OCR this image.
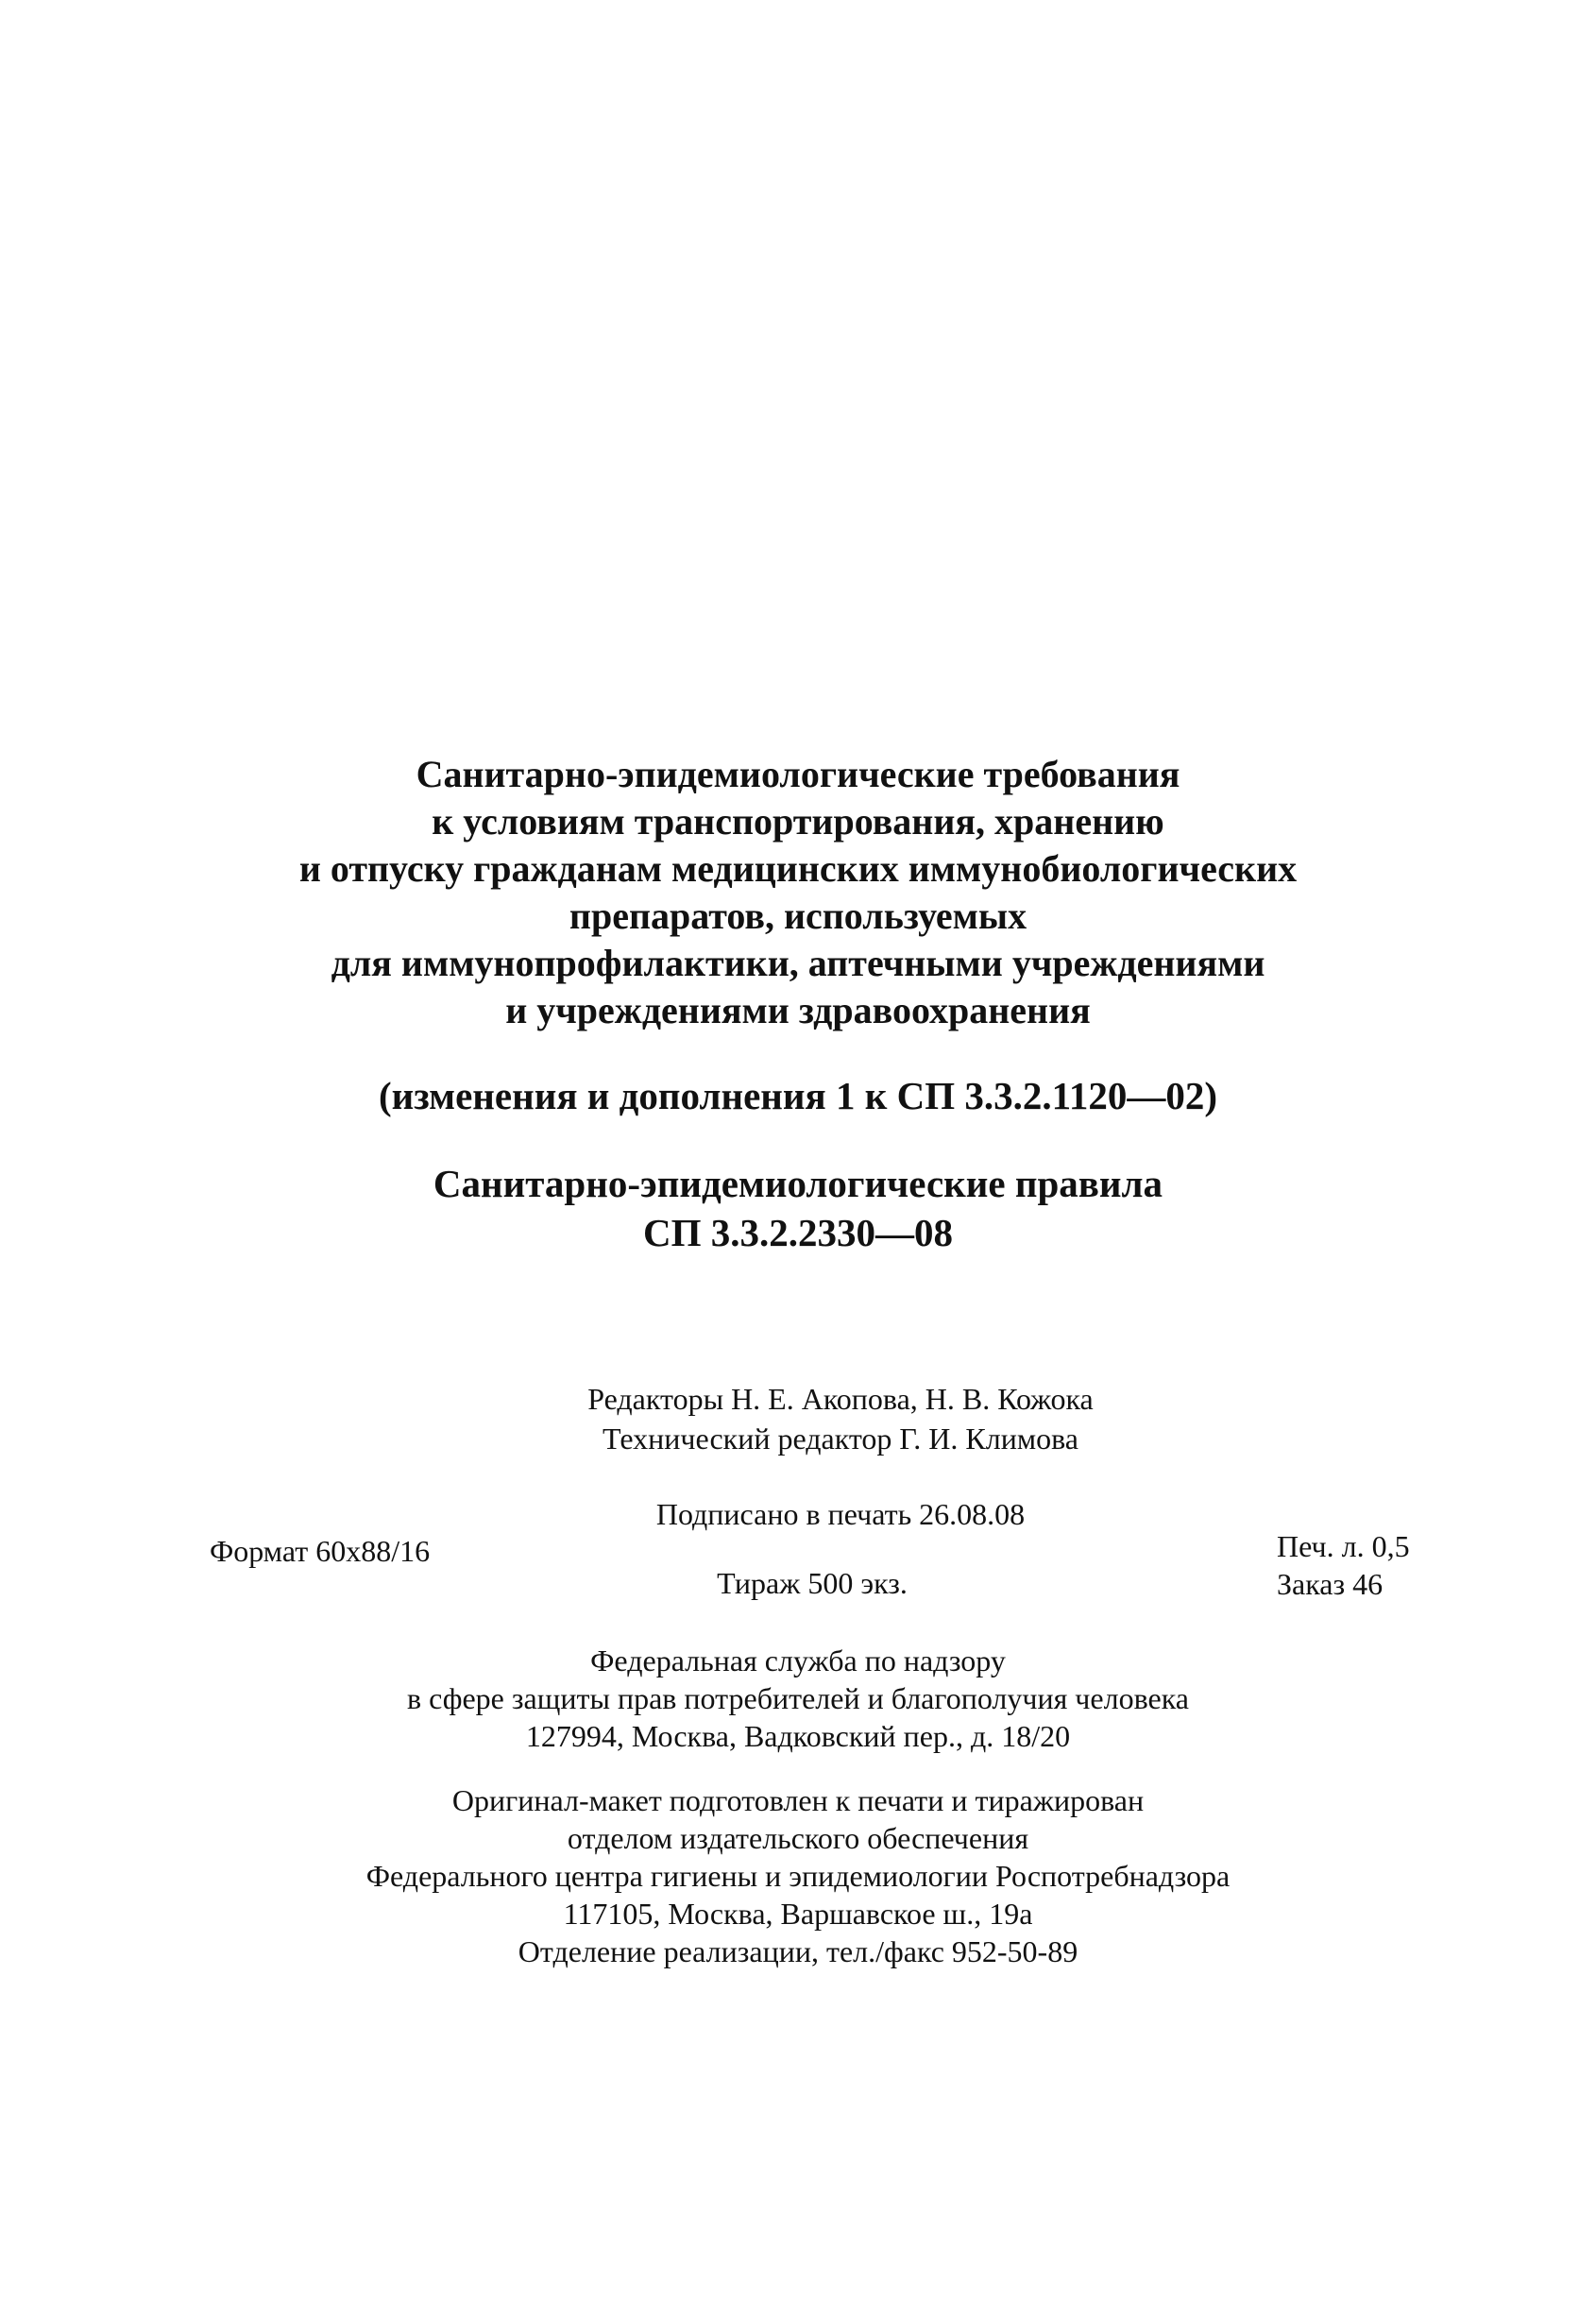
Санитарно-эпидемиологические требования
к условиям транспортирования, хранению
и отпуску гражданам медицинских иммунобиологических
препаратов, используемых
для иммунопрофилактики, аптечными учреждениями
и учреждениями здравоохранения
(изменения и дополнения 1 к СП 3.3.2.1120—02)
Санитарно-эпидемиологические правила
СП 3.3.2.2330—08
Редакторы Н. Е. Акопова, Н. В. Кожока
Технический редактор Г. И. Климова
Подписано в печать 26.08.08
Формат 60x88/16
Тираж 500 экз.
Печ. л. 0,5
Заказ 46
Федеральная служба по надзору
в сфере защиты прав потребителей и благополучия человека
127994, Москва, Вадковский пер., д. 18/20
Оригинал-макет подготовлен к печати и тиражирован
отделом издательского обеспечения
Федерального центра гигиены и эпидемиологии Роспотребнадзора
117105, Москва, Варшавское ш., 19а
Отделение реализации, тел./факс 952-50-89
